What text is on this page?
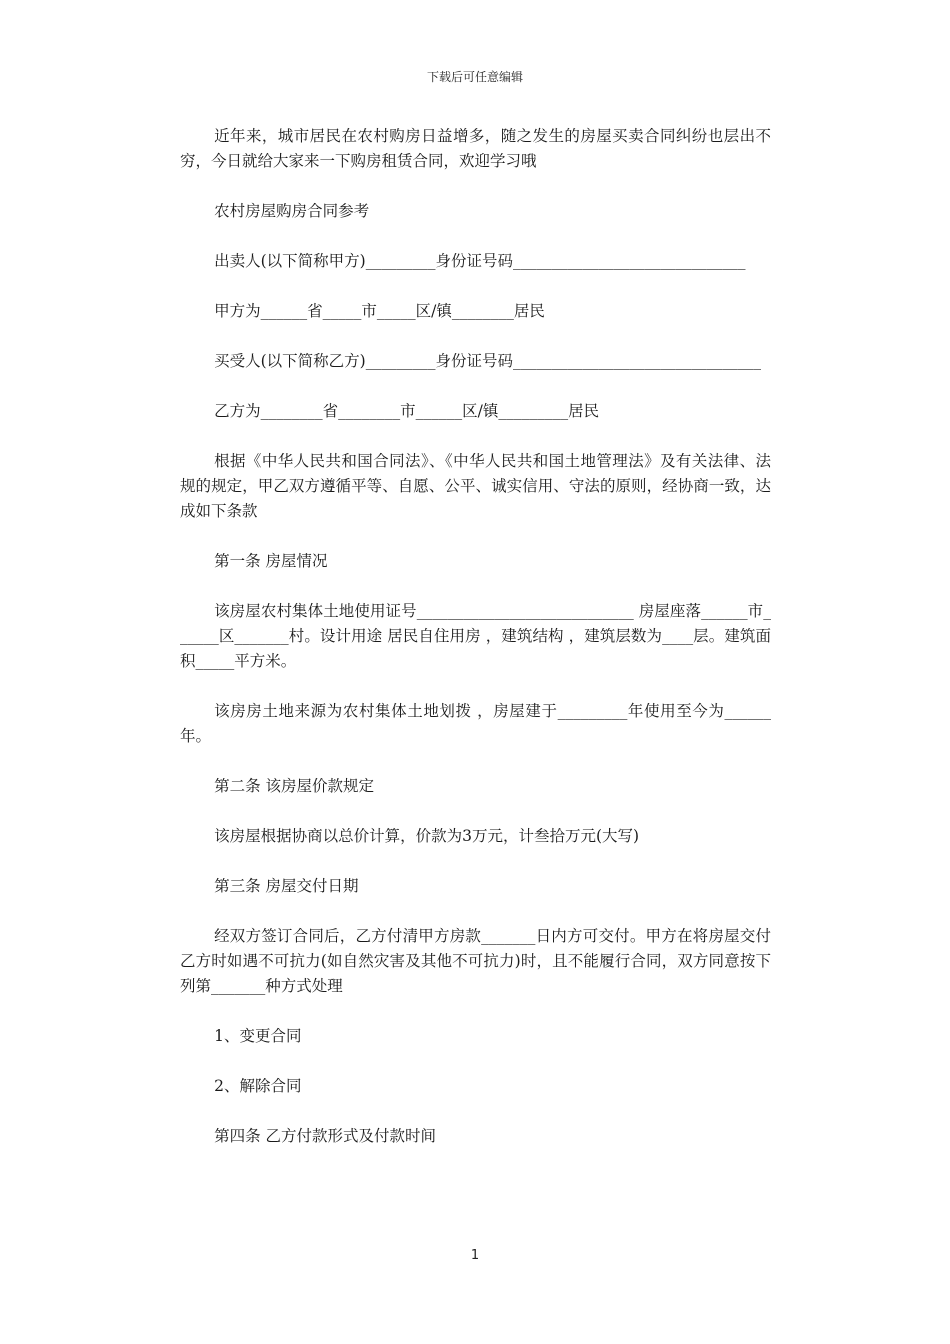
下载后可任意编辑

近年来，城市居民在农村购房日益增多，随之发生的房屋买卖合同纠纷也层出不穷，今日就给大家来一下购房租赁合同，欢迎学习哦

农村房屋购房合同参考

出卖人(以下简称甲方)_________身份证号码______________________________

甲方为______省_____市_____区/镇________居民

买受人(以下简称乙方)_________身份证号码________________________________

乙方为________省________市______区/镇_________居民

根据《中华人民共和国合同法》、《中华人民共和国土地管理法》及有关法律、法规的规定，甲乙双方遵循平等、自愿、公平、诚实信用、守法的原则，经协商一致，达成如下条款

第一条 房屋情况

该房屋农村集体土地使用证号____________________________ 房屋座落______市______区_______村。设计用途 居民自住用房 ，建筑结构 ，建筑层数为____层。建筑面积_____平方米。

该房房土地来源为农村集体土地划拨 ，房屋建于_________年使用至今为______年。

第二条 该房屋价款规定

该房屋根据协商以总价计算，价款为3万元，计叁拾万元(大写)

第三条 房屋交付日期

经双方签订合同后，乙方付清甲方房款_______日内方可交付。甲方在将房屋交付乙方时如遇不可抗力(如自然灾害及其他不可抗力)时，且不能履行合同，双方同意按下列第_______种方式处理

1、变更合同

2、解除合同

第四条 乙方付款形式及付款时间

1
